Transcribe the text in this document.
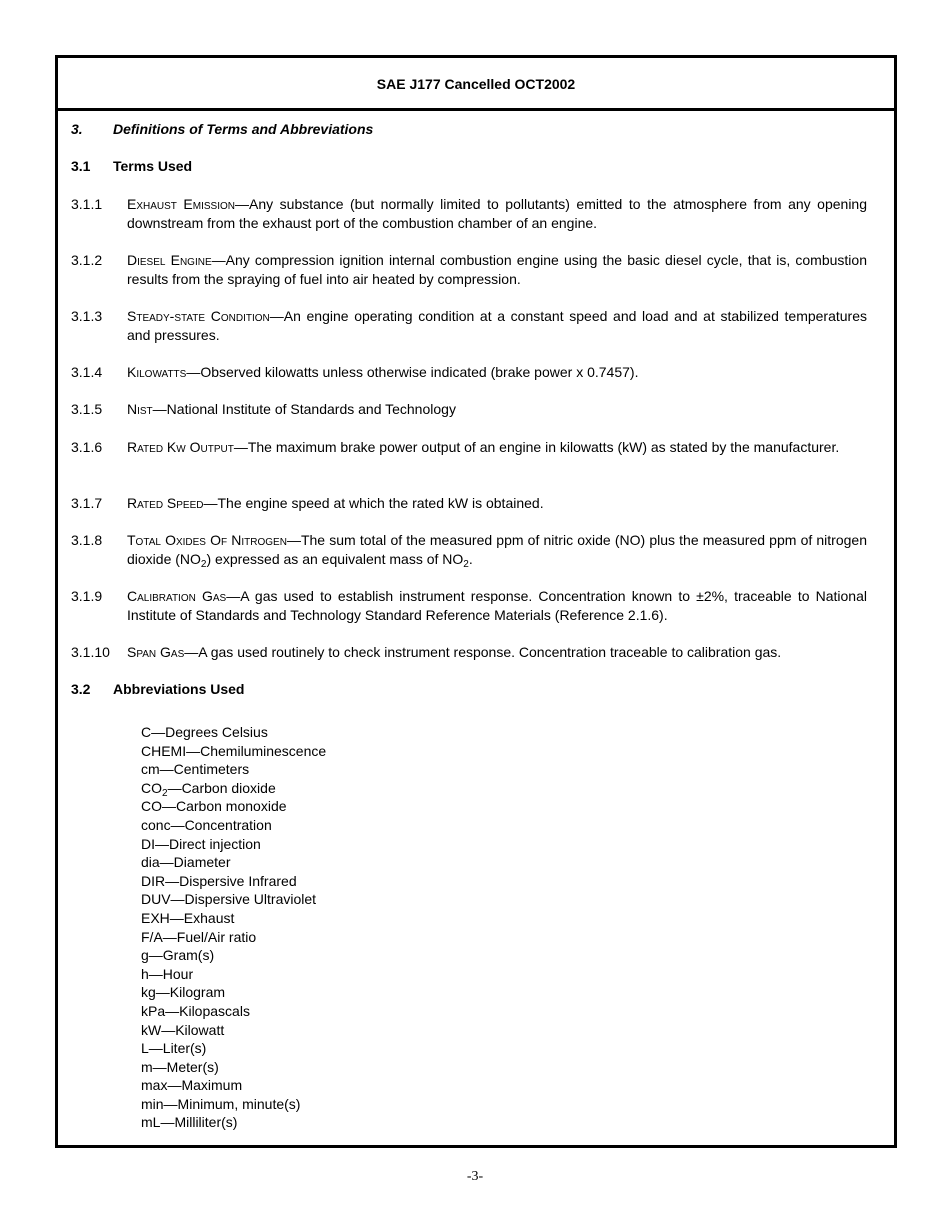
SAE J177 Cancelled OCT2002
3. Definitions of Terms and Abbreviations
3.1 Terms Used
3.1.1 Exhaust Emission—Any substance (but normally limited to pollutants) emitted to the atmosphere from any opening downstream from the exhaust port of the combustion chamber of an engine.
3.1.2 Diesel Engine—Any compression ignition internal combustion engine using the basic diesel cycle, that is, combustion results from the spraying of fuel into air heated by compression.
3.1.3 Steady-state Condition—An engine operating condition at a constant speed and load and at stabilized temperatures and pressures.
3.1.4 Kilowatts—Observed kilowatts unless otherwise indicated (brake power x 0.7457).
3.1.5 Nist—National Institute of Standards and Technology
3.1.6 Rated Kw Output—The maximum brake power output of an engine in kilowatts (kW) as stated by the manufacturer.
3.1.7 Rated Speed—The engine speed at which the rated kW is obtained.
3.1.8 Total Oxides Of Nitrogen—The sum total of the measured ppm of nitric oxide (NO) plus the measured ppm of nitrogen dioxide $(NO_2)$ expressed as an equivalent mass of $NO_2$.
3.1.9 Calibration Gas—A gas used to establish instrument response. Concentration known to ±2%, traceable to National Institute of Standards and Technology Standard Reference Materials (Reference 2.1.6).
3.1.10 Span Gas—A gas used routinely to check instrument response. Concentration traceable to calibration gas.
3.2 Abbreviations Used
C—Degrees Celsius
CHEMI—Chemiluminescence
cm—Centimeters
$CO_2—Carbon$ dioxide
CO—Carbon monoxide
conc—Concentration
DI—Direct injection
dia—Diameter
DIR—Dispersive Infrared
DUV—Dispersive Ultraviolet
EXH—Exhaust
F/A—Fuel/Air ratio
g—Gram(s)
h—Hour
kg—Kilogram
kPa—Kilopascals
kW—Kilowatt
L—Liter(s)
m—Meter(s)
max—Maximum
min—Minimum, minute(s)
mL—Milliliter(s)
-3-
